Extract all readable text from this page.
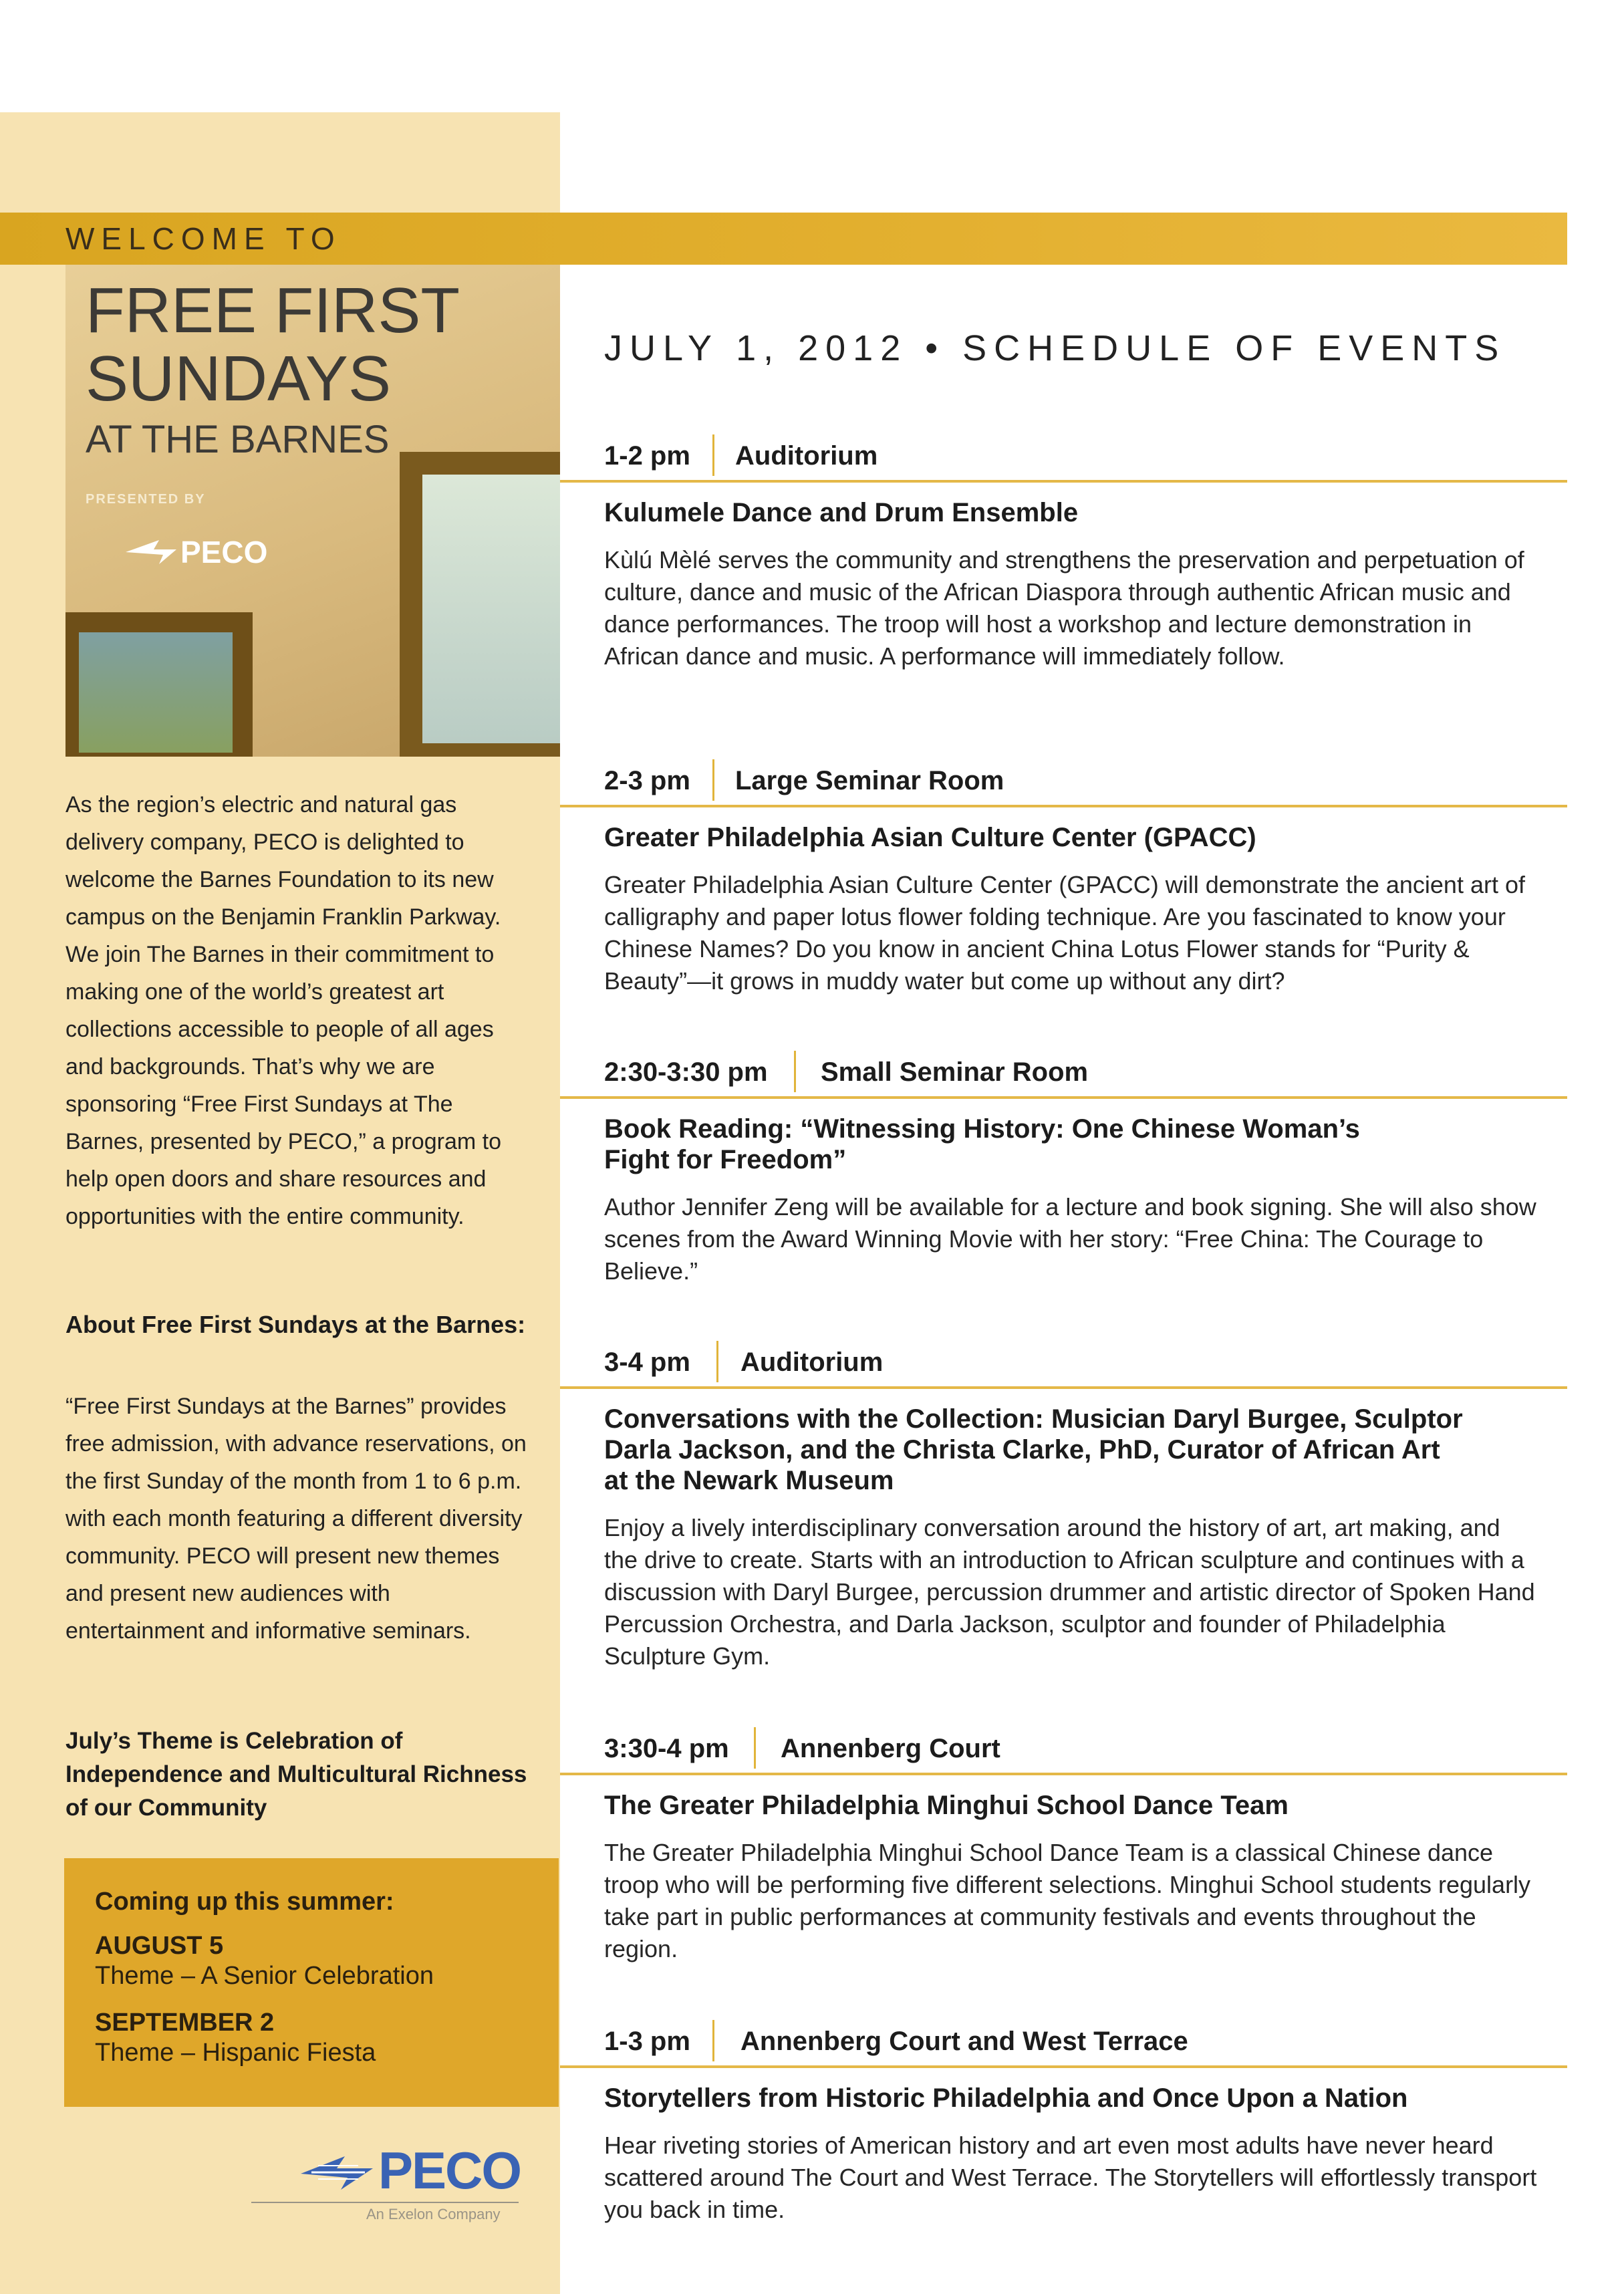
WELCOME TO
FREE FIRST
SUNDAYS
AT THE BARNES
PRESENTED BY
PECO

As the region’s electric and natural gas delivery company, PECO is delighted to welcome the Barnes Foundation to its new campus on the Benjamin Franklin Parkway. We join The Barnes in their commitment to making one of the world’s greatest art collections accessible to people of all ages and backgrounds. That’s why we are sponsoring “Free First Sundays at The Barnes, presented by PECO,” a program to help open doors and share resources and opportunities with the entire community.

About Free First Sundays at the Barnes:

“Free First Sundays at the Barnes” provides free admission, with advance reservations, on the first Sunday of the month from 1 to 6 p.m. with each month featuring a different diversity community. PECO will present new themes and present new audiences with entertainment and informative seminars.

July’s Theme is Celebration of Independence and Multicultural Richness of our Community

Coming up this summer:
AUGUST 5
Theme – A Senior Celebration
SEPTEMBER 2
Theme – Hispanic Fiesta
PECO
An Exelon Company
JULY 1, 2012 • SCHEDULE OF EVENTS
1-2 pm Auditorium
Kulumele Dance and Drum Ensemble
Kùlú Mèlé serves the community and strengthens the preservation and perpetuation of culture, dance and music of the African Diaspora through authentic African music and dance performances. The troop will host a workshop and lecture demonstration in African dance and music. A performance will immediately follow.
2-3 pm Large Seminar Room
Greater Philadelphia Asian Culture Center (GPACC)
Greater Philadelphia Asian Culture Center (GPACC) will demonstrate the ancient art of calligraphy and paper lotus flower folding technique. Are you fascinated to know your Chinese Names? Do you know in ancient China Lotus Flower stands for “Purity & Beauty”—it grows in muddy water but come up without any dirt?
2:30-3:30 pm Small Seminar Room
Book Reading: “Witnessing History: One Chinese Woman’s Fight for Freedom”
Author Jennifer Zeng will be available for a lecture and book signing. She will also show scenes from the Award Winning Movie with her story: “Free China: The Courage to Believe.”
3-4 pm Auditorium
Conversations with the Collection: Musician Daryl Burgee, Sculptor Darla Jackson, and the Christa Clarke, PhD, Curator of African Art at the Newark Museum
Enjoy a lively interdisciplinary conversation around the history of art, art making, and the drive to create. Starts with an introduction to African sculpture and continues with a discussion with Daryl Burgee, percussion drummer and artistic director of Spoken Hand Percussion Orchestra, and Darla Jackson, sculptor and founder of Philadelphia Sculpture Gym.
3:30-4 pm Annenberg Court
The Greater Philadelphia Minghui School Dance Team
The Greater Philadelphia Minghui School Dance Team is a classical Chinese dance troop who will be performing five different selections. Minghui School students regularly take part in public performances at community festivals and events throughout the region.
1-3 pm Annenberg Court and West Terrace
Storytellers from Historic Philadelphia and Once Upon a Nation
Hear riveting stories of American history and art even most adults have never heard scattered around The Court and West Terrace. The Storytellers will effortlessly transport you back in time.
